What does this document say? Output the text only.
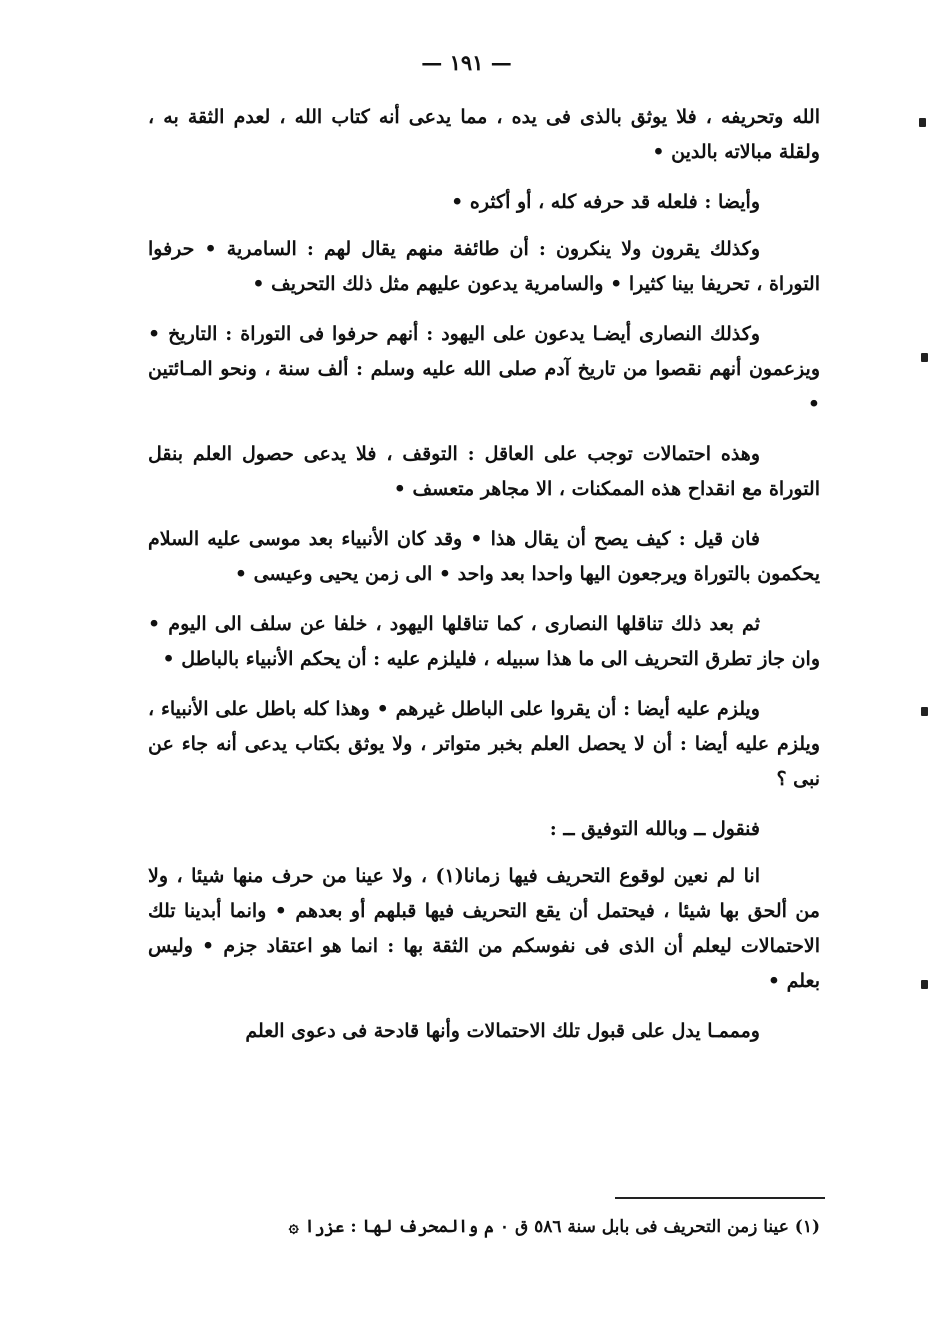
— ١٩١ —

الله وتحريفه ، فلا يوثق بالذى فى يده ، مما يدعى أنه كتاب الله ، لعدم الثقة به ، ولقلة مبالاته بالدين •

وأيضا : فلعله قد حرفه كله ، أو أكثره •

وكذلك يقرون ولا ينكرون : أن طائفة منهم يقال لهم : السامرية • حرفوا التوراة ، تحريفا بينا كثيرا • والسامرية يدعون عليهم مثل ذلك التحريف •

وكذلك النصارى أيضـا يدعون على اليهود : أنهم حرفوا فى التوراة : التاريخ • ويزعمون أنهم نقصوا من تاريخ آدم صلى الله عليه وسلم : ألف سنة ، ونحو المـائتين •

وهذه احتمالات توجب على العاقل : التوقف ، فلا يدعى حصول العلم بنقل التوراة مع انقداح هذه الممكنات ، الا مجاهر متعسف •

فان قيل : كيف يصح أن يقال هذا • وقد كان الأنبياء بعد موسى عليه السلام يحكمون بالتوراة ويرجعون اليها واحدا بعد واحد • الى زمن يحيى وعيسى •

ثم بعد ذلك تناقلها النصارى ، كما تناقلها اليهود ، خلفا عن سلف الى اليوم • وان جاز تطرق التحريف الى ما هذا سبيله ، فليلزم عليه : أن يحكم الأنبياء بالباطل •

ويلزم عليه أيضا : أن يقروا على الباطل غيرهم • وهذا كله باطل على الأنبياء ، ويلزم عليه أيضا : أن لا يحصل العلم بخبر متواتر ، ولا يوثق بكتاب يدعى أنه جاء عن نبى ؟

فنقول ــ وبالله التوفيق ــ :

انا لم نعين لوقوع التحريف فيها زمانا(١) ، ولا عينا من حرف منها شيئا ، ولا من ألحق بها شيئا ، فيحتمل أن يقع التحريف فيها قبلهم أو بعدهم • وانما أبدينا تلك الاحتمالات ليعلم أن الذى فى نفوسكم من الثقة بها : انما هو اعتقاد جزم • وليس بعلم •

ومممـا يدل على قبول تلك الاحتمالات وأنها قادحة فى دعوى العلم

(١) عينا زمن التحريف فى بابل سنة ٥٨٦ ق ٠ م والمحرف لها : عزرا ۞
